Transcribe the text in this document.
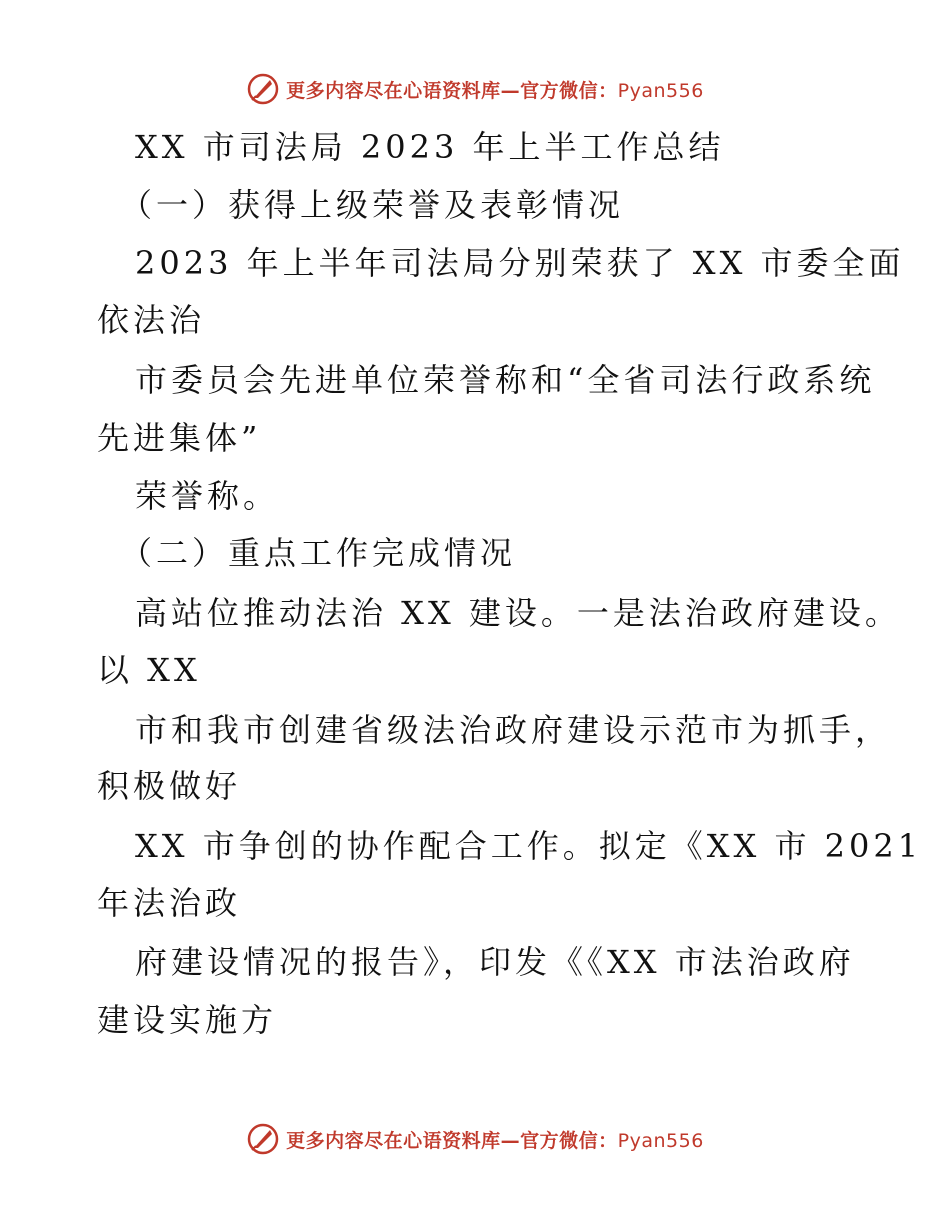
更多内容尽在心语资料库—官方微信：Pyan556
XX 市司法局 2023 年上半工作总结
（一）获得上级荣誉及表彰情况
2023 年上半年司法局分别荣获了 XX 市委全面
依法治
市委员会先进单位荣誉称和“全省司法行政系统
先进集体”
荣誉称。
（二）重点工作完成情况
高站位推动法治 XX 建设。一是法治政府建设。
以 XX
市和我市创建省级法治政府建设示范市为抓手，
积极做好
XX 市争创的协作配合工作。拟定《XX 市 2021
年法治政
府建设情况的报告》，印发《《XX 市法治政府
建设实施方
更多内容尽在心语资料库—官方微信：Pyan556
